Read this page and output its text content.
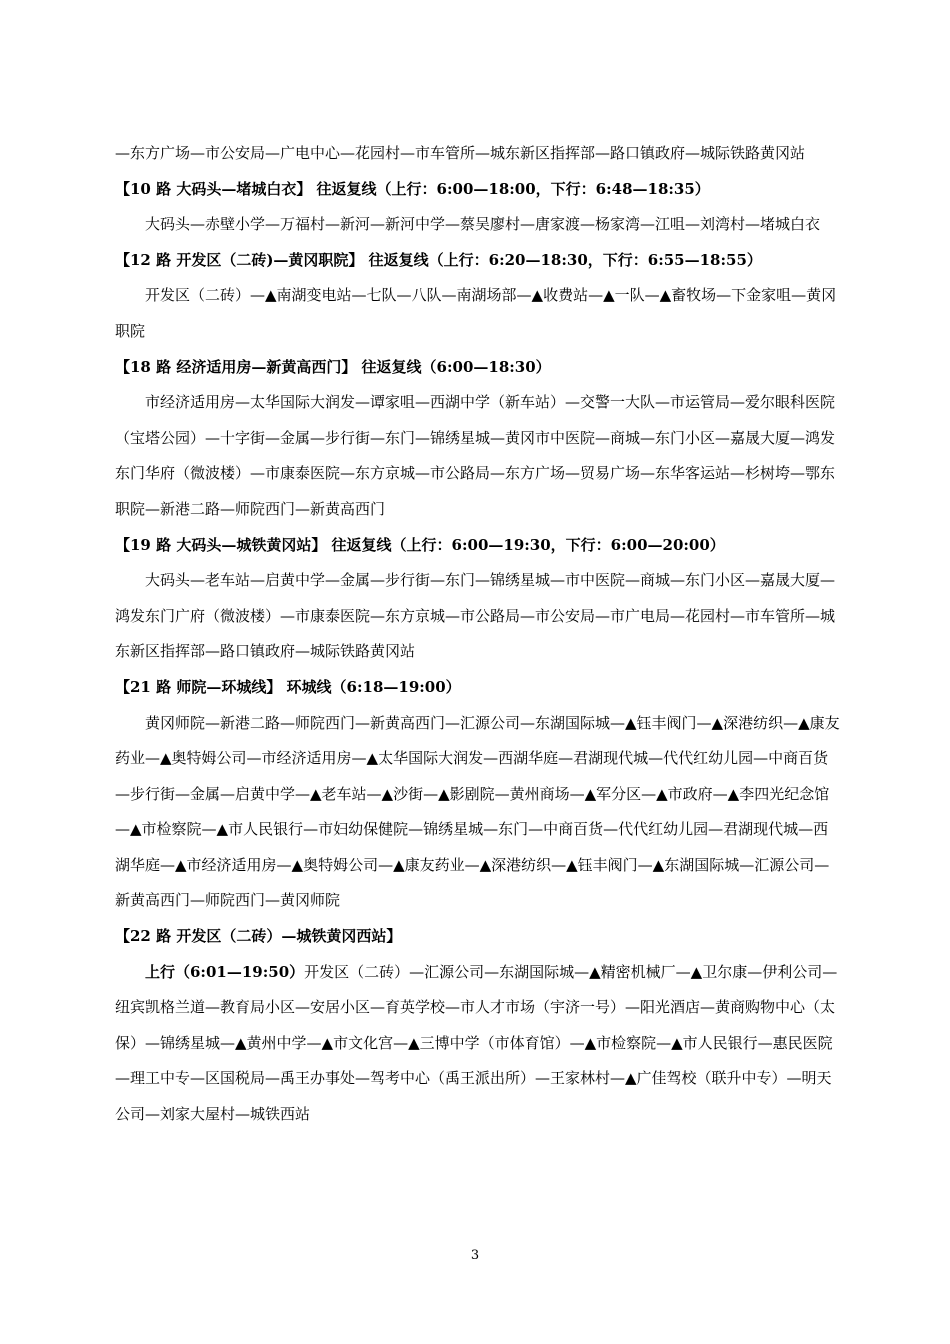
—东方广场—市公安局—广电中心—花园村—市车管所—城东新区指挥部—路口镇政府—城际铁路黄冈站

【10 路 大码头—堵城白衣】 往返复线（上行：6:00—18:00，下行：6:48—18:35）

大码头—赤壁小学—万福村—新河—新河中学—蔡吴廖村—唐家渡—杨家湾—江咀—刘湾村—堵城白衣

【12 路 开发区（二砖)—黄冈职院】 往返复线（上行：6:20—18:30，下行：6:55—18:55）

开发区（二砖）—▲南湖变电站—七队—八队—南湖场部—▲收费站—▲一队—▲畜牧场—下金家咀—黄冈职院

【18 路 经济适用房—新黄高西门】 往返复线（6:00—18:30）

市经济适用房—太华国际大润发—谭家咀—西湖中学（新车站）—交警一大队—市运管局—爱尔眼科医院（宝塔公园）—十字街—金属—步行街—东门—锦绣星城—黄冈市中医院—商城—东门小区—嘉晟大厦—鸿发东门华府（微波楼）—市康泰医院—东方京城—市公路局—东方广场—贸易广场—东华客运站—杉树垮—鄂东职院—新港二路—师院西门—新黄高西门

【19 路 大码头—城铁黄冈站】 往返复线（上行：6:00—19:30，下行：6:00—20:00）

大码头—老车站—启黄中学—金属—步行街—东门—锦绣星城—市中医院—商城—东门小区—嘉晟大厦—鸿发东门广府（微波楼）—市康泰医院—东方京城—市公路局—市公安局—市广电局—花园村—市车管所—城东新区指挥部—路口镇政府—城际铁路黄冈站

【21 路 师院—环城线】 环城线（6:18—19:00）

黄冈师院—新港二路—师院西门—新黄高西门—汇源公司—东湖国际城—▲钰丰阀门—▲深港纺织—▲康友药业—▲奥特姆公司—市经济适用房—▲太华国际大润发—西湖华庭—君湖现代城—代代红幼儿园—中商百货—步行街—金属—启黄中学—▲老车站—▲沙街—▲影剧院—黄州商场—▲军分区—▲市政府—▲李四光纪念馆—▲市检察院—▲市人民银行—市妇幼保健院—锦绣星城—东门—中商百货—代代红幼儿园—君湖现代城—西湖华庭—▲市经济适用房—▲奥特姆公司—▲康友药业—▲深港纺织—▲钰丰阀门—▲东湖国际城—汇源公司—新黄高西门—师院西门—黄冈师院

【22 路 开发区（二砖）—城铁黄冈西站】

上行（6:01—19:50）开发区（二砖）—汇源公司—东湖国际城—▲精密机械厂—▲卫尔康—伊利公司—纽宾凯格兰道—教育局小区—安居小区—育英学校—市人才市场（宇济一号）—阳光酒店—黄商购物中心（太保）—锦绣星城—▲黄州中学—▲市文化宫—▲三博中学（市体育馆）—▲市检察院—▲市人民银行—惠民医院—理工中专—区国税局—禹王办事处—驾考中心（禹王派出所）—王家林村—▲广佳驾校（联升中专）—明天公司—刘家大屋村—城铁西站

3
